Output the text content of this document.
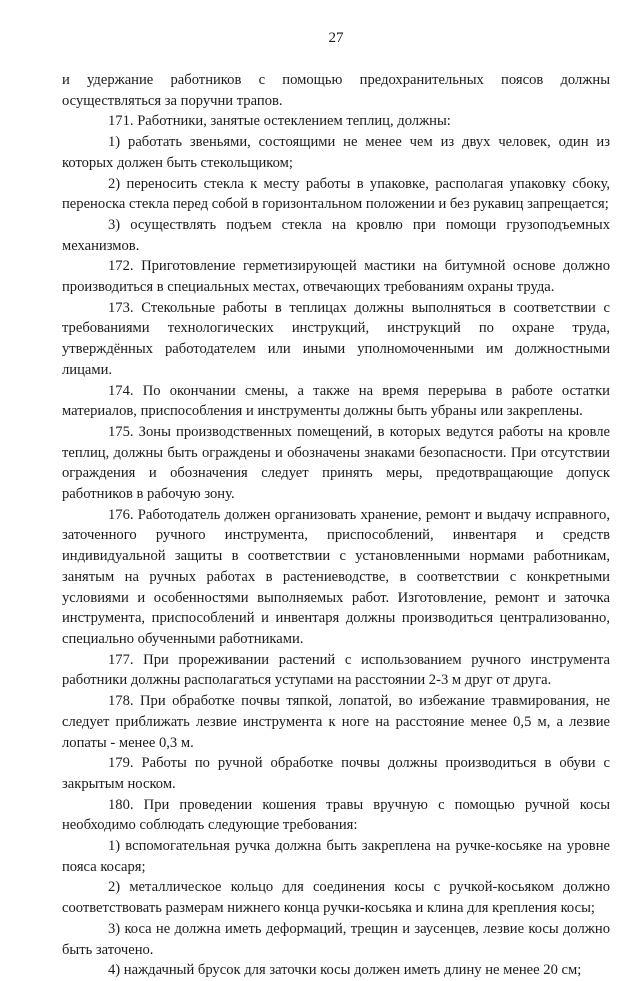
27

и удержание работников с помощью предохранительных поясов должны осуществляться за поручни трапов.

171. Работники, занятые остеклением теплиц, должны:

1) работать звеньями, состоящими не менее чем из двух человек, один из которых должен быть стекольщиком;

2) переносить стекла к месту работы в упаковке, располагая упаковку сбоку, переноска стекла перед собой в горизонтальном положении и без рукавиц запрещается;

3) осуществлять подъем стекла на кровлю при помощи грузоподъемных механизмов.

172. Приготовление герметизирующей мастики на битумной основе должно производиться в специальных местах, отвечающих требованиям охраны труда.

173. Стекольные работы в теплицах должны выполняться в соответствии с требованиями технологических инструкций, инструкций по охране труда, утверждённых работодателем или иными уполномоченными им должностными лицами.

174. По окончании смены, а также на время перерыва в работе остатки материалов, приспособления и инструменты должны быть убраны или закреплены.

175. Зоны производственных помещений, в которых ведутся работы на кровле теплиц, должны быть ограждены и обозначены знаками безопасности. При отсутствии ограждения и обозначения следует принять меры, предотвращающие допуск работников в рабочую зону.

176. Работодатель должен организовать хранение, ремонт и выдачу исправного, заточенного ручного инструмента, приспособлений, инвентаря и средств индивидуальной защиты в соответствии с установленными нормами работникам, занятым на ручных работах в растениеводстве, в соответствии с конкретными условиями и особенностями выполняемых работ. Изготовление, ремонт и заточка инструмента, приспособлений и инвентаря должны производиться централизованно, специально обученными работниками.

177. При прореживании растений с использованием ручного инструмента работники должны располагаться уступами на расстоянии 2-3 м друг от друга.

178. При обработке почвы тяпкой, лопатой, во избежание травмирования, не следует приближать лезвие инструмента к ноге на расстояние менее 0,5 м, а лезвие лопаты - менее 0,3 м.

179. Работы по ручной обработке почвы должны производиться в обуви с закрытым носком.

180. При проведении кошения травы вручную с помощью ручной косы необходимо соблюдать следующие требования:

1) вспомогательная ручка должна быть закреплена на ручке-косьяке на уровне пояса косаря;

2) металлическое кольцо для соединения косы с ручкой-косьяком должно соответствовать размерам нижнего конца ручки-косьяка и клина для крепления косы;

3) коса не должна иметь деформаций, трещин и заусенцев, лезвие косы должно быть заточено.

4) наждачный брусок для заточки косы должен иметь длину не менее 20 см;
